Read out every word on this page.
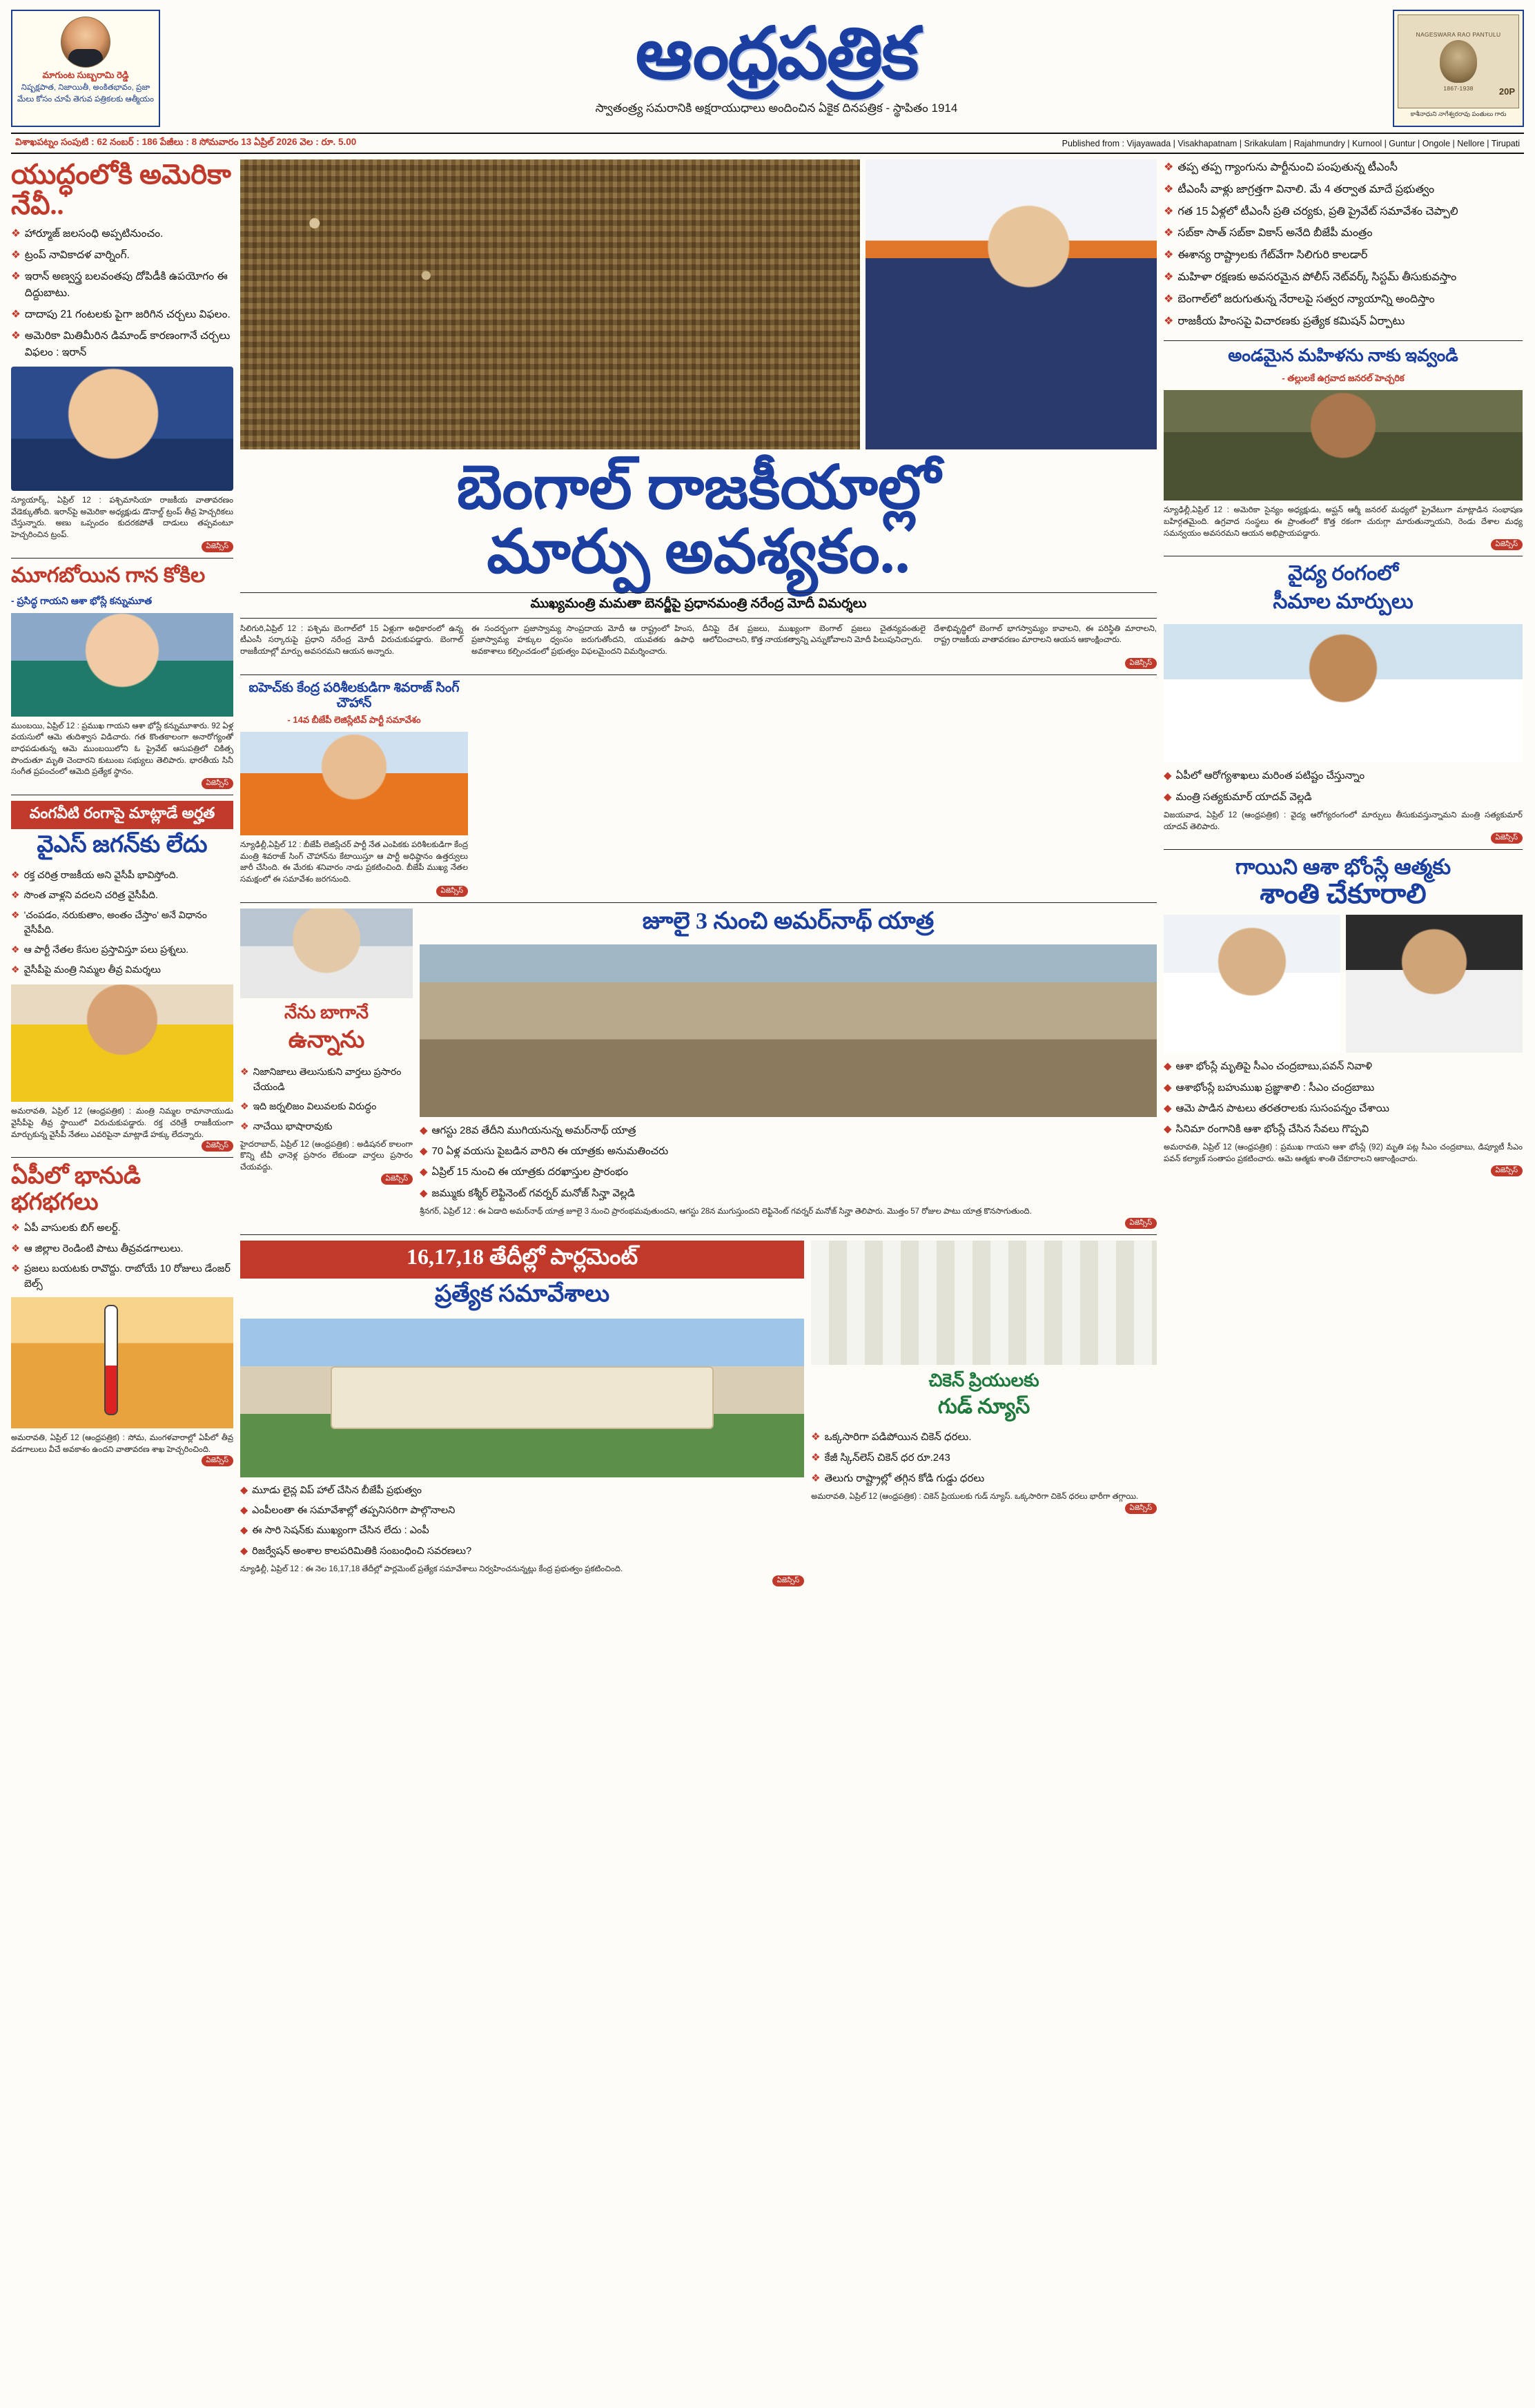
మాగుంట సుబ్బరామి రెడ్డి
నిష్పక్షపాత, నిజాయితీ, అంకితభావం, ప్రజా మేలు కోసం చూపే తెగువ పత్రికలకు ఆత్మీయం
ఆంధ్రపత్రిక
స్వాతంత్ర్య సమరానికి అక్షరాయుధాలు అందించిన ఏకైక దినపత్రిక - స్థాపితం 1914
NAGESWARA RAO PANTULU
1867-1938	20P
కాశీనాధుని నాగేశ్వరరావు పంతులు గారు
విశాఖపట్నం సంపుటి : 62 నంబర్ : 186 పేజీలు : 8 సోమవారం 13 ఏప్రిల్ 2026 వెల : రూ. 5.00	Published from : Vijayawada | Visakhapatnam | Srikakulam | Rajahmundry | Kurnool | Guntur | Ongole | Nellore | Tirupati
యుద్ధంలోకి అమెరికా నేవీ..
❖ హార్మూజ్ జలసంధి అప్పటినుంచం.
❖ ట్రంప్ నావికాదళ వార్నింగ్.
❖ ఇరాన్ అణ్వస్త్ర బలవంతపు దోపిడీకి ఉపయోగం ఈ దిద్దుబాటు.
❖ దాదాపు 21 గంటలకు పైగా జరిగిన చర్చలు విఫలం.
❖ అమెరికా మితిమీరిన డిమాండ్‌ కారణంగానే చర్చలు విఫలం : ఇరాన్
న్యూయార్క్‌, ఏప్రిల్‌ 12 : పశ్చిమాసియా రాజకీయ వాతావరణం వేడెక్కుతోంది. ఇరాన్‌పై అమెరికా అధ్యక్షుడు డొనాల్డ్‌ ట్రంప్‌ తీవ్ర హెచ్చరికలు చేస్తున్నారు. అణు ఒప్పందం కుదరకపోతే దాడులు తప్పవంటూ హెచ్చరించిన ట్రంప్‌.
ఏజెన్సీస్
మూగబోయిన గాన కోకిల
- ప్రసిద్ధ గాయని ఆశా భోస్లే కన్నుమూత
ముంబయి, ఏప్రిల్‌ 12 : ప్రముఖ గాయని ఆశా భోస్లే కన్నుమూశారు. 92 ఏళ్ల వయసులో ఆమె తుదిశ్వాస విడిచారు. గత కొంతకాలంగా అనారోగ్యంతో బాధపడుతున్న ఆమె ముంబయిలోని ఓ ప్రైవేట్‌ ఆసుపత్రిలో చికిత్స పొందుతూ మృతి చెందారని కుటుంబ సభ్యులు తెలిపారు. భారతీయ సినీ సంగీత ప్రపంచంలో ఆమెది ప్రత్యేక స్థానం.
ఏజెన్సీస్
వంగవీటి రంగాపై మాట్లాడే అర్హత
వైఎస్‌ జగన్‌కు లేదు
❖ రక్త చరిత్ర రాజకీయ అని వైసీపీ భావిస్తోంది.
❖ సొంత వాళ్లని వదలని చరిత్ర వైసీపీది.
❖ 'చంపడం, నరుకుతాం, అంతం చేస్తాం' అనే విధానం వైసీపీది.
❖ ఆ పార్టీ నేతల కేసుల ప్రస్తావిస్తూ పలు ప్రశ్నలు.
❖ వైసీపీపై మంత్రి నిమ్మల తీవ్ర విమర్శలు
అమరావతి, ఏప్రిల్‌ 12 (ఆంధ్రపత్రిక) : మంత్రి నిమ్మల రామానాయుడు వైసీపీపై తీవ్ర స్థాయిలో విరుచుకుపడ్డారు. రక్త చరిత్రే రాజకీయంగా మార్చుకున్న వైసీపీ నేతలు ఎవరిపైనా మాట్లాడే హక్కు లేదన్నారు.
ఏజెన్సీస్
ఏపీలో భానుడి
భగభగలు
❖ ఏపీ వాసులకు బిగ్‌ అలర్ట్‌.
❖ ఆ జిల్లాల రెండింటి పాటు తీవ్రవడగాలులు.
❖ ప్రజలు బయటకు రావొద్దు. రాబోయే 10 రోజులు డేంజర్‌ బెల్స్‌
అమరావతి, ఏప్రిల్‌ 12 (ఆంధ్రపత్రిక) : సోమ, మంగళవారాల్లో ఏపీలో తీవ్ర వడగాలులు వీచే అవకాశం ఉందని వాతావరణ శాఖ హెచ్చరించింది.
ఏజెన్సీస్
బెంగాల్‌ రాజకీయాల్లో
మార్పు అవశ్యకం..
ముఖ్యమంత్రి మమతా బెనర్జీపై ప్రధానమంత్రి నరేంద్ర మోదీ విమర్శలు
సిలిగురి,ఏప్రిల్‌ 12 : పశ్చిమ బెంగాల్‌లో 15 ఏళ్లుగా అధికారంలో ఉన్న టీఎంసీ సర్కారుపై ప్రధాని నరేంద్ర మోదీ విరుచుకుపడ్డారు. బెంగాల్‌ రాజకీయాల్లో మార్పు అవసరమని ఆయన అన్నారు.
ఈ సందర్భంగా ప్రజాస్వామ్య సాంప్రదాయ మోదీ ఆ రాష్ట్రంలో హింస, ప్రజాస్వామ్య హక్కుల ధ్వంసం జరుగుతోందని, యువతకు ఉపాధి అవకాశాలు కల్పించడంలో ప్రభుత్వం విఫలమైందని విమర్శించారు.
దీనిపై దేశ ప్రజలు, ముఖ్యంగా బెంగాల్‌ ప్రజలు చైతన్యవంతులై ఆలోచించాలని, కొత్త నాయకత్వాన్ని ఎన్నుకోవాలని మోదీ పిలుపునిచ్చారు.
దేశాభివృద్ధిలో బెంగాల్‌ భాగస్వామ్యం కావాలని, ఈ పరిస్థితి మారాలని, రాష్ట్ర రాజకీయ వాతావరణం మారాలని ఆయన ఆకాంక్షించారు.
ఏజెన్సీస్
ఐహెచ్‌కు కేంద్ర పరిశీలకుడిగా శివరాజ్‌ సింగ్‌ చౌహాన్‌
- 14వ బీజేపీ లెజిస్లేటివ్‌ పార్టీ సమావేశం
న్యూఢిల్లీ,ఏప్రిల్‌ 12 : బీజేపీ లెజిస్లేచర్‌ పార్టీ నేత ఎంపికకు పరిశీలకుడిగా కేంద్ర మంత్రి శివరాజ్‌ సింగ్‌ చౌహాన్‌ను కేటాయిస్తూ ఆ పార్టీ అధిష్ఠానం ఉత్తర్వులు జారీ చేసింది. ఈ మేరకు శనివారం నాడు ప్రకటించింది. బీజేపీ ముఖ్య నేతల సమక్షంలో ఈ సమావేశం జరగనుంది.
ఏజెన్సీస్
నేను బాగానే
ఉన్నాను
❖ నిజానిజాలు తెలుసుకుని వార్తలు ప్రసారం చేయండి
❖ ఇది జర్నలిజం విలువలకు విరుద్ధం
❖ నాచేయి భాషారావుకు
హైదరాబాద్‌, ఏప్రిల్‌ 12 (ఆంధ్రపత్రిక) : అడిషనల్‌ కాలంగా కొన్ని టీవీ ఛానెళ్ల ప్రసారం లేకుండా వార్తలు ప్రసారం చేయవద్దు.
ఏజెన్సీస్
జూలై 3 నుంచి అమర్‌నాథ్‌ యాత్ర
◆ ఆగస్టు 28వ తేదీని ముగియనున్న అమర్‌నాథ్‌ యాత్ర
◆ 70 ఏళ్ల వయసు పైబడిన వారిని ఈ యాత్రకు అనుమతించరు
◆ ఏప్రిల్‌ 15 నుంచి ఈ యాత్రకు దరఖాస్తుల ప్రారంభం
◆ జమ్ముకు కశ్మీర్‌ లెఫ్టినెంట్‌ గవర్నర్‌ మనోజ్‌ సిన్హా వెల్లడి
శ్రీనగర్‌, ఏప్రిల్‌ 12 : ఈ ఏడాది అమర్‌నాథ్‌ యాత్ర జూలై 3 నుంచి ప్రారంభమవుతుందని, ఆగస్టు 28న ముగుస్తుందని లెఫ్టినెంట్‌ గవర్నర్‌ మనోజ్‌ సిన్హా తెలిపారు. మొత్తం 57 రోజుల పాటు యాత్ర కొనసాగుతుంది.
ఏజెన్సీస్
16,17,18 తేదీల్లో పార్లమెంట్‌
ప్రత్యేక సమావేశాలు
◆ మూడు లైన్ల విప్‌ హాల్‌ చేసిన బీజేపీ ప్రభుత్వం
◆ ఎంపీలంతా ఈ సమావేశాల్లో తప్పనిసరిగా పాల్గొనాలని
◆ ఈ సారి సెషన్‌కు ముఖ్యంగా చేసిన లేదు : ఎంపీ
◆ రిజర్వేషన్‌ అంశాల కాలపరిమితికి సంబంధించి సవరణలు?
న్యూఢిల్లీ, ఏప్రిల్‌ 12 : ఈ నెల 16,17,18 తేదీల్లో పార్లమెంట్‌ ప్రత్యేక సమావేశాలు నిర్వహించనున్నట్లు కేంద్ర ప్రభుత్వం ప్రకటించింది.
ఏజెన్సీస్
చికెన్‌ ప్రియులకు
గుడ్‌ న్యూస్‌
❖ ఒక్కసారిగా పడిపోయిన చికెన్‌ ధరలు.
❖ కేజీ స్కిన్‌లెస్‌ చికెన్‌ ధర రూ.243
❖ తెలుగు రాష్ట్రాల్లో తగ్గిన కోడి గుడ్డు ధరలు
అమరావతి, ఏప్రిల్‌ 12 (ఆంధ్రపత్రిక) : చికెన్‌ ప్రియులకు గుడ్‌ న్యూస్‌. ఒక్కసారిగా చికెన్‌ ధరలు భారీగా తగ్గాయి.
ఏజెన్సీస్
❖ తప్ప తప్ప గ్యాంగును పార్టీనుంచి పంపుతున్న టీఎంసీ
❖ టీఎంసీ వాళ్లు జాగ్రత్తగా వినాలి. మే 4 తర్వాత మాదే ప్రభుత్వం
❖ గత 15 ఏళ్లలో టీఎంసీ ప్రతి చర్యకు, ప్రతి ప్రైవేట్‌ సమావేశం చెప్పాలి
❖ సబ్‌కా సాత్‌ సబ్‌కా వికాస్‌ అనేది బీజేపీ మంత్రం
❖ ఈశాన్య రాష్ట్రాలకు గేట్‌వేగా సిలిగురి కాలడార్‌
❖ మహిళా రక్షణకు అవసరమైన పోలీస్‌ నెట్‌వర్క్‌ సిస్టమ్‌ తీసుకువస్తాం
❖ బెంగాల్‌లో జరుగుతున్న నేరాలపై సత్వర న్యాయాన్ని అందిస్తాం
❖ రాజకీయ హింసపై విచారణకు ప్రత్యేక కమిషన్‌ ఏర్పాటు
అండమైన మహిళను నాకు ఇవ్వండి
- తల్లులకే ఉగ్రవాద జనరల్‌ హెచ్చరిక
న్యూఢిల్లీ,ఏప్రిల్‌ 12 : అమెరికా సైన్యం అధ్యక్షుడు, అప్ఘ‌న్‌ ఆర్మీ జనరల్‌ మధ్యలో ప్రైవేటుగా మాట్లాడిన సంభాషణ బహిర్గతమైంది. ఉగ్రవాద సంస్థలు ఈ ప్రాంతంలో కొత్త రకంగా చురుగ్గా మారుతున్నాయని, రెండు దేశాల మధ్య సమన్వయం అవసరమని ఆయన అభిప్రాయపడ్డారు.
ఏజెన్సీస్
వైద్య రంగంలో
సీమాల మార్పులు
◆ ఏపీలో ఆరోగ్యశాఖలు మరింత పటిష్టం చేస్తున్నాం
◆ మంత్రి సత్యకుమార్‌ యాదవ్‌ వెల్లడి
విజయవాడ, ఏప్రిల్‌ 12 (ఆంధ్రపత్రిక) : వైద్య ఆరోగ్యరంగంలో మార్పులు తీసుకువస్తున్నామని మంత్రి సత్యకుమార్‌ యాదవ్‌ తెలిపారు.
ఏజెన్సీస్
గాయిని ఆశా భోంస్లే ఆత్మకు
శాంతి చేకూరాలి
◆ ఆశా భోంస్లే మృతిపై సీఎం చంద్రబాబు,పవన్‌ నివాళి
◆ ఆశాభోంస్లే బహుముఖ ప్రజ్ఞాశాలి : సీఎం చంద్రబాబు
◆ ఆమె పాడిన పాటలు తరతరాలకు సుసంపన్నం చేశాయి
◆ సినిమా రంగానికి ఆశా భోంస్లే చేసిన సేవలు గొప్పవి
అమరావతి, ఏప్రిల్‌ 12 (ఆంధ్రపత్రిక) : ప్రముఖ గాయని ఆశా భోంస్లే (92) మృతి పట్ల సీఎం చంద్రబాబు, డిప్యూటీ సీఎం పవన్‌ కల్యాణ్‌ సంతాపం ప్రకటించారు. ఆమె ఆత్మకు శాంతి చేకూరాలని ఆకాంక్షించారు.
ఏజెన్సీస్
